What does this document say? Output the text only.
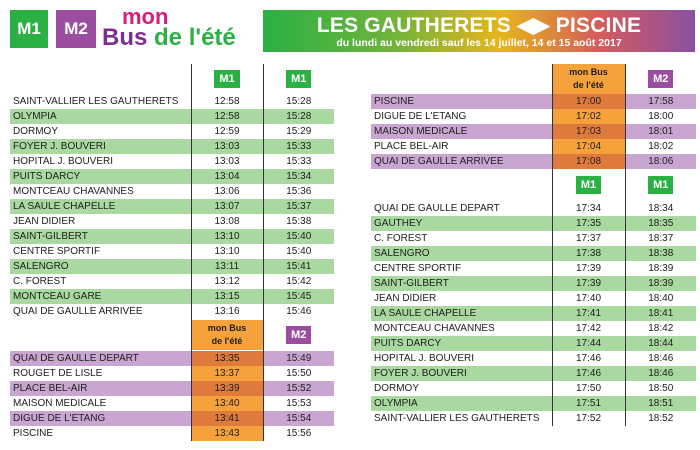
M1	M2	mon
Bus de l'été	LES GAUTHERETS ◀▶ PISCINE
du lundi au vendredi sauf les 14 juillet, 14 et 15 août 2017
	M1	M1
SAINT-VALLIER LES GAUTHERETS	12:58	15:28
OLYMPIA	12:58	15:28
DORMOY	12:59	15:29
FOYER J. BOUVERI	13:03	15:33
HOPITAL J. BOUVERI	13:03	15:33
PUITS DARCY	13:04	15:34
MONTCEAU CHAVANNES	13:06	15:36
LA SAULE CHAPELLE	13:07	15:37
JEAN DIDIER	13:08	15:38
SAINT-GILBERT	13:10	15:40
CENTRE SPORTIF	13:10	15:40
SALENGRO	13:11	15:41
C. FOREST	13:12	15:42
MONTCEAU GARE	13:15	15:45
QUAI DE GAULLE ARRIVEE	13:16	15:46

	mon Bus
de l'été	M2
QUAI DE GAULLE DEPART	13:35	15:49
ROUGET DE LISLE	13:37	15:50
PLACE BEL-AIR	13:39	15:52
MAISON MEDICALE	13:40	15:53
DIGUE DE L'ETANG	13:41	15:54
PISCINE	13:43	15:56

	mon Bus
de l'été	M2
PISCINE	17:00	17:58
DIGUE DE L'ETANG	17:02	18:00
MAISON MEDICALE	17:03	18:01
PLACE BEL-AIR	17:04	18:02
QUAI DE GAULLE ARRIVEE	17:08	18:06
	M1	M1
QUAI DE GAULLE DEPART	17:34	18:34
GAUTHEY	17:35	18:35
C. FOREST	17:37	18:37
SALENGRO	17:38	18:38
CENTRE SPORTIF	17:39	18:39
SAINT-GILBERT	17:39	18:39
JEAN DIDIER	17:40	18:40
LA SAULE CHAPELLE	17:41	18:41
MONTCEAU CHAVANNES	17:42	18:42
PUITS DARCY	17:44	18:44
HOPITAL J. BOUVERI	17:46	18:46
FOYER J. BOUVERI	17:46	18:46
DORMOY	17:50	18:50
OLYMPIA	17:51	18:51
SAINT-VALLIER LES GAUTHERETS	17:52	18:52
